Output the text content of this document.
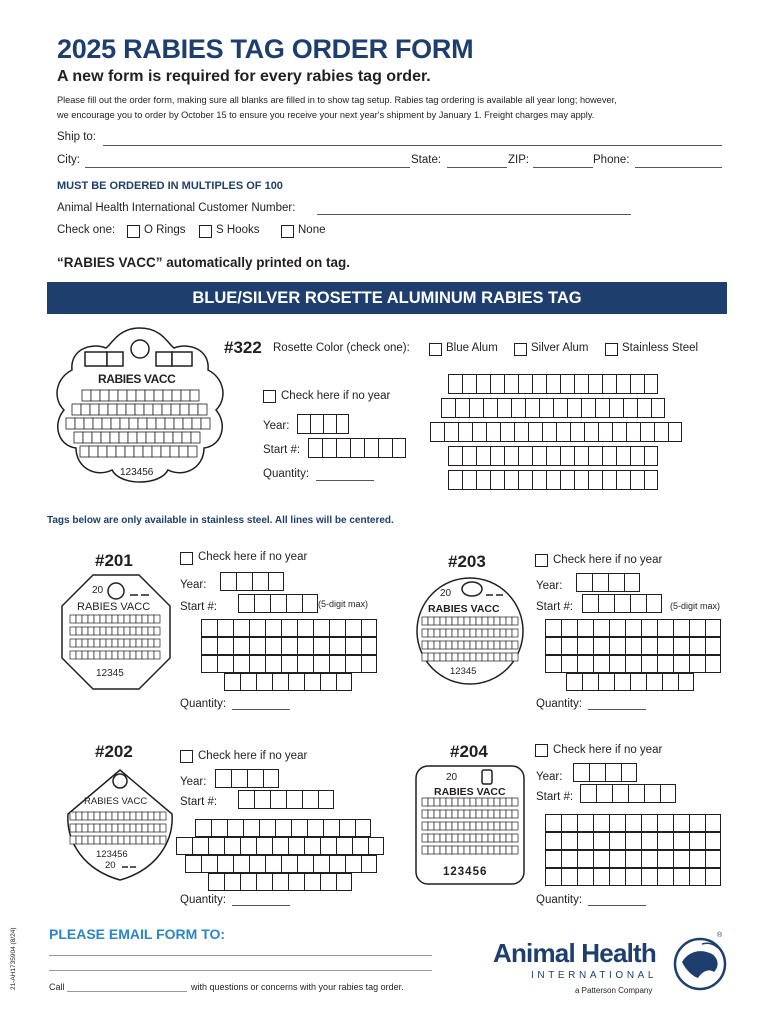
2025 RABIES TAG ORDER FORM
A new form is required for every rabies tag order.
Please fill out the order form, making sure all blanks are filled in to show tag setup. Rabies tag ordering is available all year long; however,
we encourage you to order by October 15 to ensure you receive your next year's shipment by January 1. Freight charges may apply.
Ship to:
City:	State:	ZIP:	Phone:
MUST BE ORDERED IN MULTIPLES OF 100
Animal Health International Customer Number:
Check one:	O Rings	S Hooks	None
“RABIES VACC” automatically printed on tag.
BLUE/SILVER ROSETTE ALUMINUM RABIES TAG
RABIES VACC
123456
#322 Rosette Color (check one):	Blue Alum	Silver Alum	Stainless Steel
Check here if no year
Year:
Start #:
Quantity:
Tags below are only available in stainless steel. All lines will be centered.
#201
20
RABIES VACC
12345
Check here if no year
Year:
Start #:	(5-digit max)
Quantity:
#203
20
RABIES VACC
12345
Check here if no year
Year:
Start #:	(5-digit max)
Quantity:
#202
RABIES VACC
123456
20
Check here if no year
Year:
Start #:
Quantity:
#204
20
RABIES VACC
123456
Check here if no year
Year:
Start #:
Quantity:
21-AH1735904 (8/24) PLEASE EMAIL FORM TO:
Call	with questions or concerns with your rabies tag order.
Animal Health
INTERNATIONAL
a Patterson Company
®
